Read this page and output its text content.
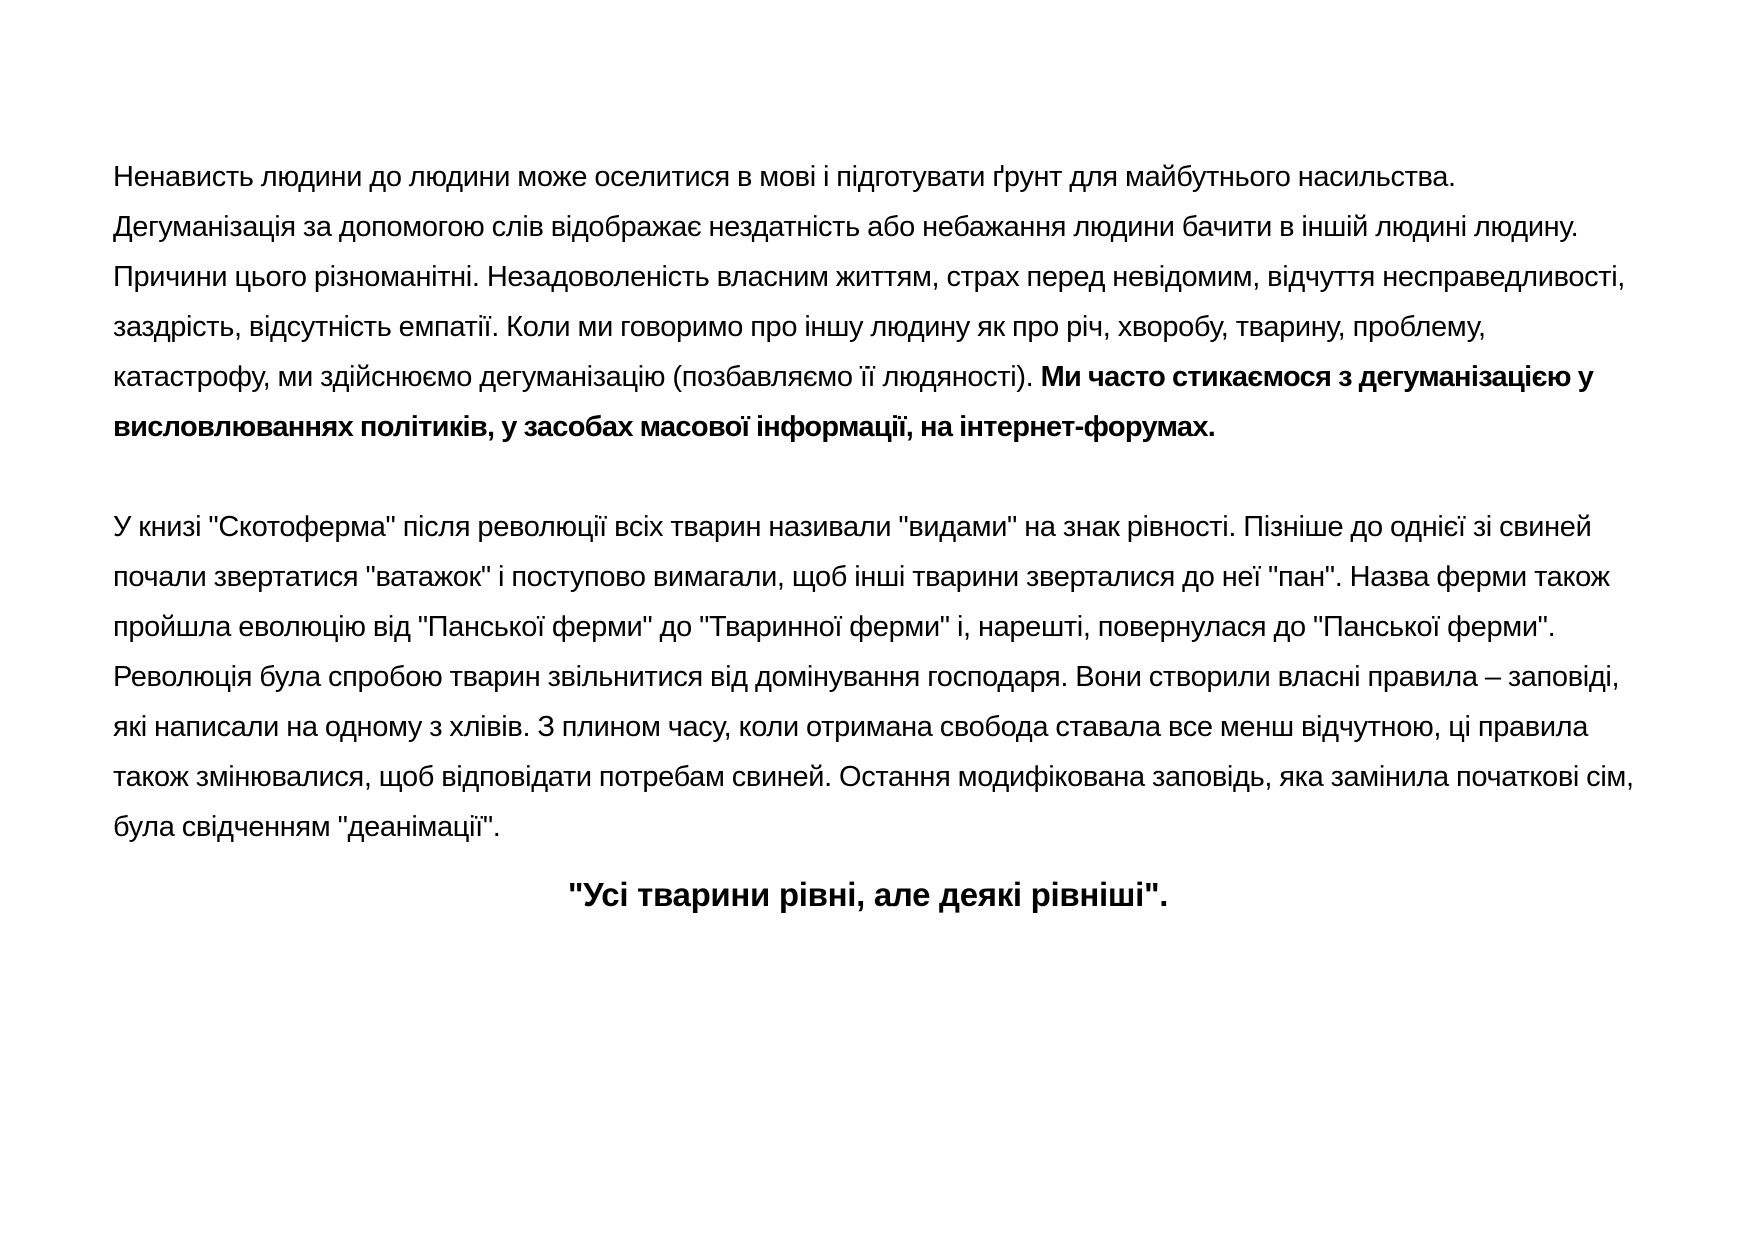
Ненависть людини до людини може оселитися в мові і підготувати ґрунт для майбутнього насильства. Дегуманізація за допомогою слів відображає нездатність або небажання людини бачити в іншій людині людину. Причини цього різноманітні. Незадоволеність власним життям, страх перед невідомим, відчуття несправедливості, заздрість, відсутність емпатії. Коли ми говоримо про іншу людину як про річ, хворобу, тварину, проблему, катастрофу, ми здійснюємо дегуманізацію (позбавляємо її людяності). Ми часто стикаємося з дегуманізацією у висловлюваннях політиків, у засобах масової інформації, на інтернет-форумах.

У книзі "Скотоферма" після революції всіх тварин називали "видами" на знак рівності. Пізніше до однієї зі свиней почали звертатися "ватажок" і поступово вимагали, щоб інші тварини зверталися до неї "пан". Назва ферми також пройшла еволюцію від "Панської ферми" до "Тваринної ферми" і, нарешті, повернулася до "Панської ферми". Революція була спробою тварин звільнитися від домінування господаря. Вони створили власні правила – заповіді, які написали на одному з хлівів. З плином часу, коли отримана свобода ставала все менш відчутною, ці правила також змінювалися, щоб відповідати потребам свиней. Остання модифікована заповідь, яка замінила початкові сім, була свідченням "деанімації".

"Усі тварини рівні, але деякі рівніші".
